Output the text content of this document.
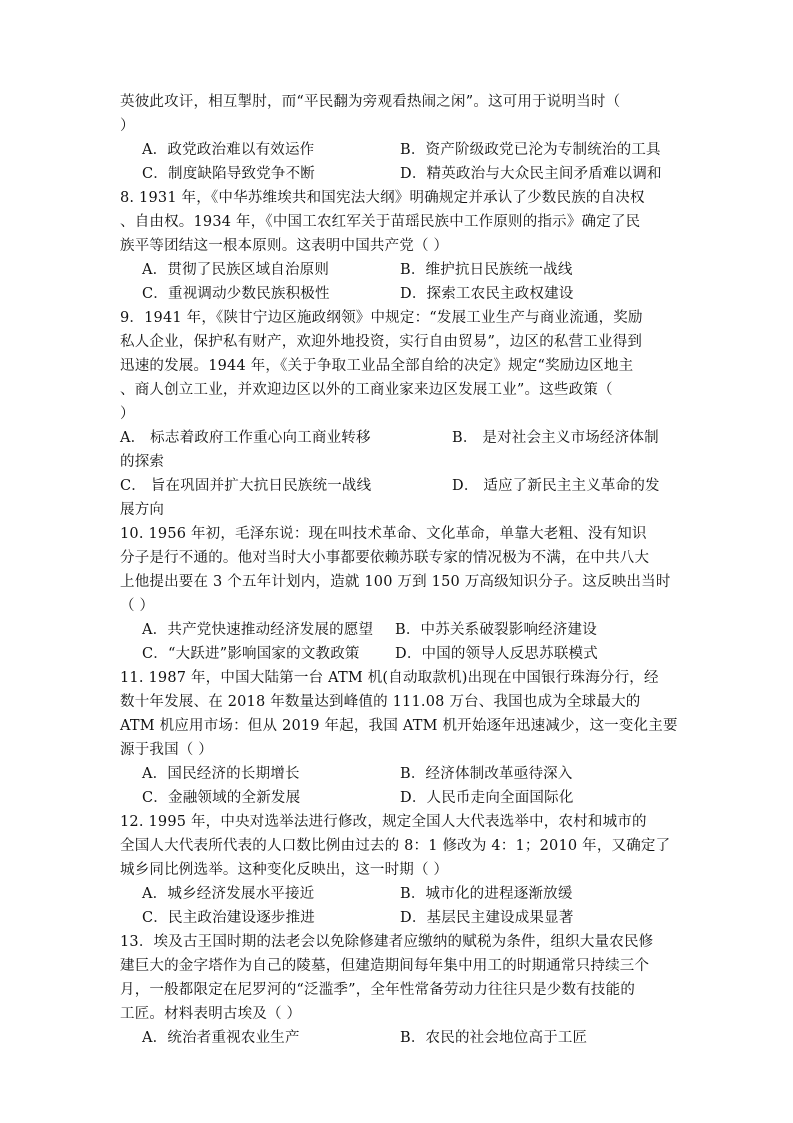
英彼此攻讦，相互掣肘，而“平民翻为旁观看热闹之闲”。这可用于说明当时（
）
A．政党政治难以有效运作	B．资产阶级政党已沦为专制统治的工具
C．制度缺陷导致党争不断	D．精英政治与大众民主间矛盾难以调和
8. 1931 年，《中华苏维埃共和国宪法大纲》明确规定并承认了少数民族的自决权
、自由权。1934 年，《中国工农红军关于苗瑶民族中工作原则的指示》确定了民
族平等团结这一根本原则。这表明中国共产党（ ）
A．贯彻了民族区域自治原则	B．维护抗日民族统一战线
C．重视调动少数民族积极性	D．探索工农民主政权建设
9．1941 年，《陕甘宁边区施政纲领》中规定：“发展工业生产与商业流通，奖励
私人企业，保护私有财产，欢迎外地投资，实行自由贸易”，边区的私营工业得到
迅速的发展。1944 年，《关于争取工业品全部自给的决定》规定“奖励边区地主
、商人创立工业，并欢迎边区以外的工商业家来边区发展工业”。这些政策（
）
A． 标志着政府工作重心向工商业转移	B． 是对社会主义市场经济体制
的探索
C． 旨在巩固并扩大抗日民族统一战线	D． 适应了新民主主义革命的发
展方向
10. 1956 年初，毛泽东说：现在叫技术革命、文化革命，单靠大老粗、没有知识
分子是行不通的。他对当时大小事都要依赖苏联专家的情况极为不满，在中共八大
上他提出要在 3 个五年计划内，造就 100 万到 150 万高级知识分子。这反映出当时
（ ）
A．共产党快速推动经济发展的愿望 B．中苏关系破裂影响经济建设
C．“大跃进”影响国家的文教政策 D．中国的领导人反思苏联模式
11. 1987 年，中国大陆第一台 ATM 机(自动取款机)出现在中国银行珠海分行，经
数十年发展、在 2018 年数量达到峰值的 111.08 万台、我国也成为全球最大的
ATM 机应用市场：但从 2019 年起，我国 ATM 机开始逐年迅速减少，这一变化主要
源于我国（ ）
A．国民经济的长期增长	B．经济体制改革亟待深入
C．金融领域的全新发展	D．人民币走向全面国际化
12. 1995 年，中央对选举法进行修改，规定全国人大代表选举中，农村和城市的
全国人大代表所代表的人口数比例由过去的 8：1 修改为 4：1；2010 年，又确定了
城乡同比例选举。这种变化反映出，这一时期（ ）
A．城乡经济发展水平接近	B．城市化的进程逐渐放缓
C．民主政治建设逐步推进	D．基层民主建设成果显著
13．埃及古王国时期的法老会以免除修建者应缴纳的赋税为条件，组织大量农民修
建巨大的金字塔作为自己的陵墓，但建造期间每年集中用工的时期通常只持续三个
月，一般都限定在尼罗河的“泛滥季”，全年性常备劳动力往往只是少数有技能的
工匠。材料表明古埃及（ ）
A．统治者重视农业生产	B．农民的社会地位高于工匠
